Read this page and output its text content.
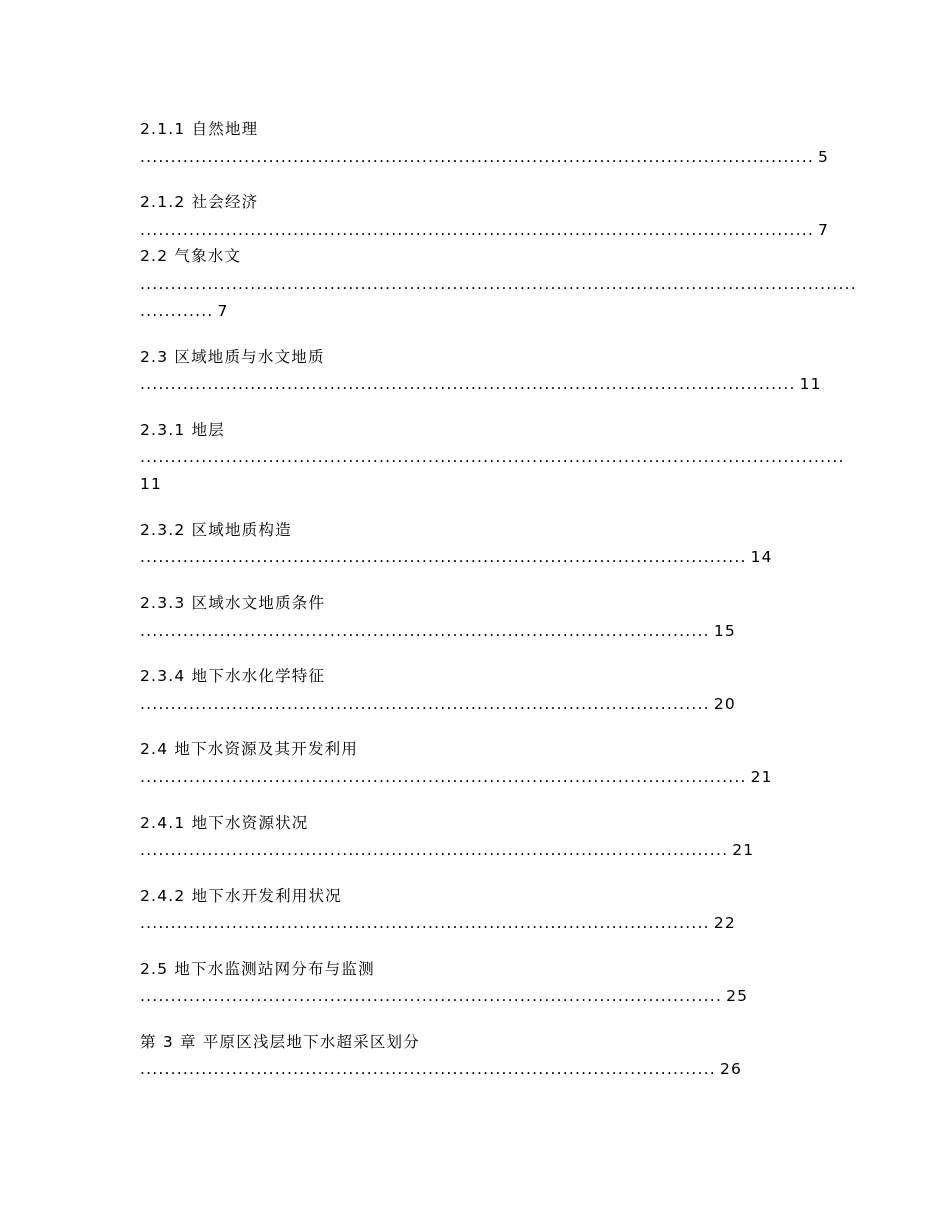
2.1.1 自然地理
.............................................................................................................. 5
2.1.2 社会经济
.............................................................................................................. 7
2.2 气象水文
.....................................................................................................................
............ 7
2.3 区域地质与水文地质
........................................................................................................... 11
2.3.1 地层
...................................................................................................................
11
2.3.2 区域地质构造
................................................................................................... 14
2.3.3 区域水文地质条件
............................................................................................. 15
2.3.4 地下水水化学特征
............................................................................................. 20
2.4 地下水资源及其开发利用
................................................................................................... 21
2.4.1 地下水资源状况
................................................................................................ 21
2.4.2 地下水开发利用状况
............................................................................................. 22
2.5 地下水监测站网分布与监测
............................................................................................... 25
第 3 章 平原区浅层地下水超采区划分
.............................................................................................. 26
